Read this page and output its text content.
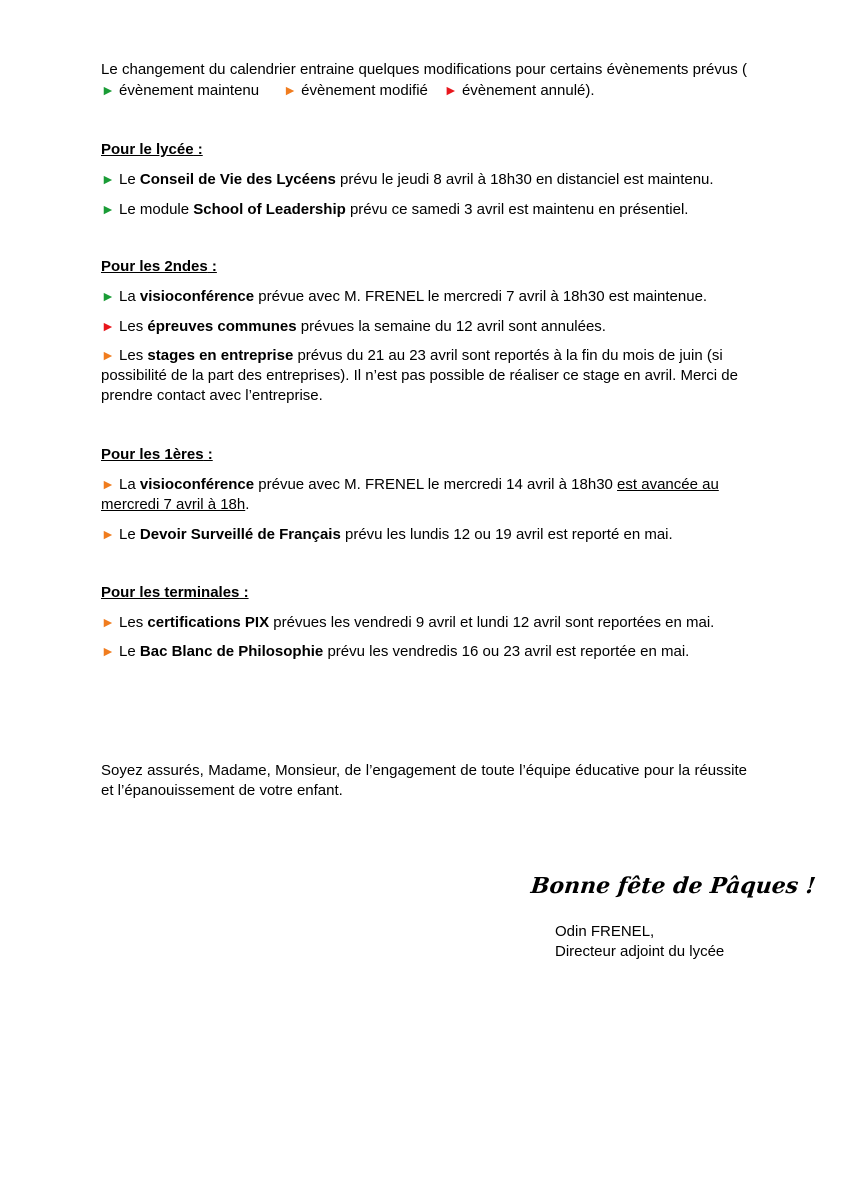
Le changement du calendrier entraine quelques modifications pour certains évènements prévus (► évènement maintenu ► évènement modifié ► évènement annulé).

Pour le lycée :

► Le Conseil de Vie des Lycéens prévu le jeudi 8 avril à 18h30 en distanciel est maintenu.

► Le module School of Leadership prévu ce samedi 3 avril est maintenu en présentiel.

Pour les 2ndes :

► La visioconférence prévue avec M. FRENEL le mercredi 7 avril à 18h30 est maintenue.

► Les épreuves communes prévues la semaine du 12 avril sont annulées.

► Les stages en entreprise prévus du 21 au 23 avril sont reportés à la fin du mois de juin (si possibilité de la part des entreprises). Il n’est pas possible de réaliser ce stage en avril. Merci de prendre contact avec l’entreprise.

Pour les 1ères :

► La visioconférence prévue avec M. FRENEL le mercredi 14 avril à 18h30 est avancée au mercredi 7 avril à 18h.

► Le Devoir Surveillé de Français prévu les lundis 12 ou 19 avril est reporté en mai.

Pour les terminales :

► Les certifications PIX prévues les vendredi 9 avril et lundi 12 avril sont reportées en mai.

► Le Bac Blanc de Philosophie prévu les vendredis 16 ou 23 avril est reportée en mai.

Soyez assurés, Madame, Monsieur, de l’engagement de toute l’équipe éducative pour la réussite et l’épanouissement de votre enfant.

Bonne fête de Pâques !

Odin FRENEL,
Directeur adjoint du lycée
